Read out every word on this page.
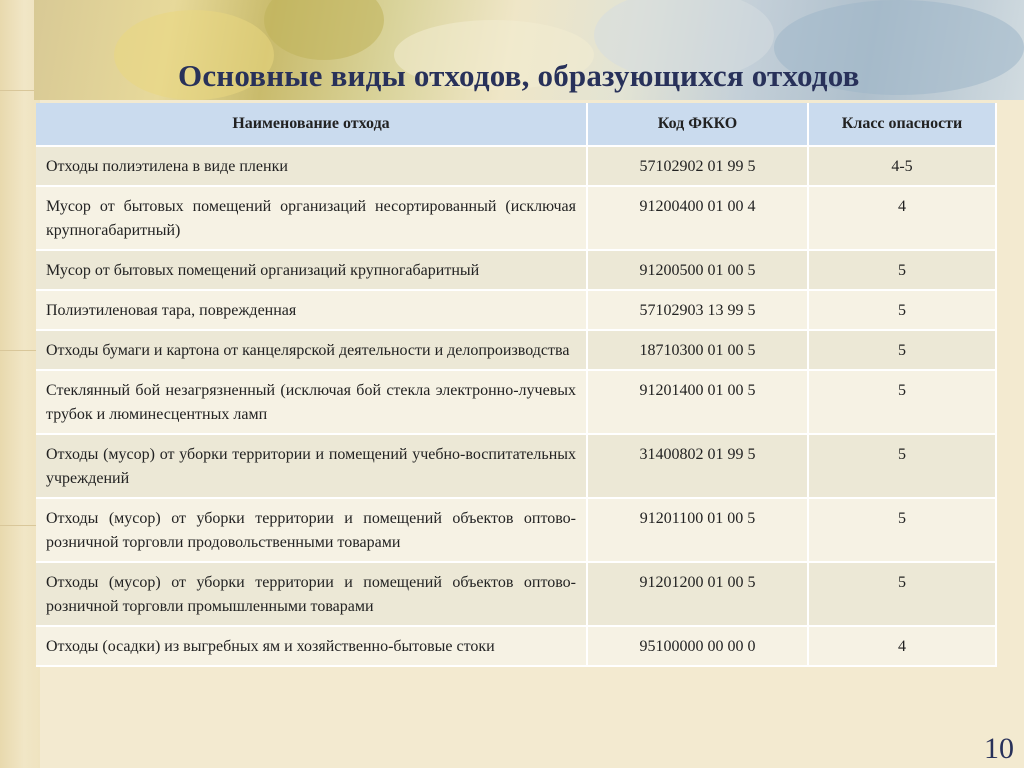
Основные виды отходов, образующихся отходов
Наименование отхода	Код ФККО	Класс опасности
Отходы полиэтилена в виде пленки	57102902 01 99 5	4-5
Мусор от бытовых помещений организаций несортированный (исключая крупногабаритный)	91200400 01 00 4	4
Мусор от бытовых помещений организаций крупногабаритный	91200500 01 00 5	5
Полиэтиленовая тара, поврежденная	57102903 13 99 5	5
Отходы бумаги и картона от канцелярской деятельности и делопроизводства	18710300 01 00 5	5
Стеклянный бой незагрязненный (исключая бой стекла электронно-лучевых трубок и люминесцентных ламп	91201400 01 00 5	5
Отходы (мусор) от уборки территории и помещений учебно-воспитательных учреждений	31400802 01 99 5	5
Отходы (мусор) от уборки территории и помещений объектов оптово-розничной торговли продовольственными товарами	91201100 01 00 5	5
Отходы (мусор) от уборки территории и помещений объектов оптово-розничной торговли промышленными товарами	91201200 01 00 5	5
Отходы (осадки) из выгребных ям и хозяйственно-бытовые стоки	95100000 00 00 0	4
10
